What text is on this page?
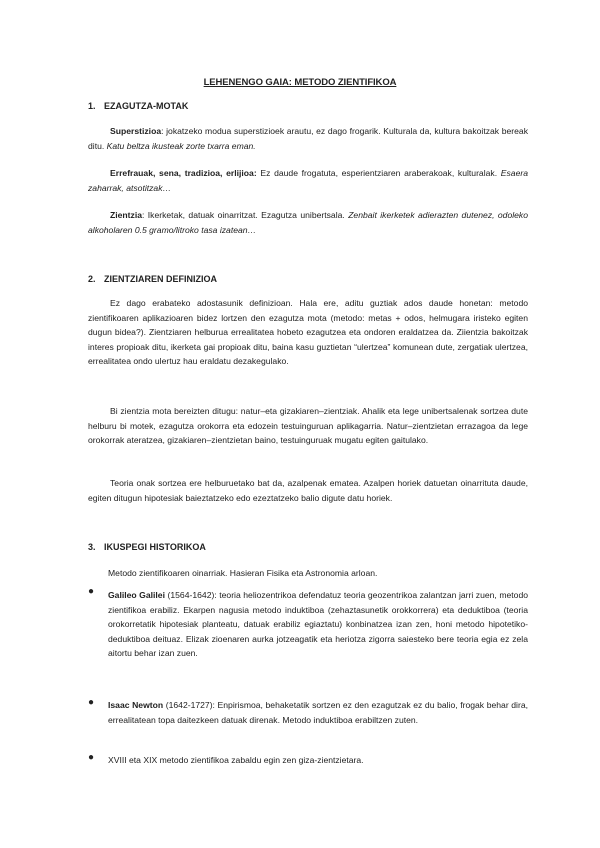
LEHENENGO GAIA: METODO ZIENTIFIKOA
1. EZAGUTZA-MOTAK

Superstizioa: jokatzeko modua superstizioek arautu, ez dago frogarik. Kulturala da, kultura bakoitzak bereak ditu. Katu beltza ikusteak zorte txarra eman.

Errefrauak, sena, tradizioa, erlijioa: Ez daude frogatuta, esperientziaren araberakoak, kulturalak. Esaera zaharrak, atsotitzak…

Zientzia: Ikerketak, datuak oinarritzat. Ezagutza unibertsala. Zenbait ikerketek adierazten dutenez, odoleko alkoholaren 0.5 gramo/litroko tasa izatean…

2. ZIENTZIAREN DEFINIZIOA

Ez dago erabateko adostasunik definizioan. Hala ere, aditu guztiak ados daude honetan: metodo zientifikoaren aplikazioaren bidez lortzen den ezagutza mota (metodo: metas + odos, helmugara iristeko egiten dugun bidea?). Zientziaren helburua errealitatea hobeto ezagutzea eta ondoren eraldatzea da. Ziientzia bakoitzak interes propioak ditu, ikerketa gai propioak ditu, baina kasu guztietan “ulertzea” komunean dute, zergatiak ulertzea, errealitatea ondo ulertuz hau eraldatu dezakegulako.

Bi zientzia mota bereizten ditugu: natur–eta gizakiaren–zientziak. Ahalik eta lege unibertsalenak sortzea dute helburu bi motek, ezagutza orokorra eta edozein testuinguruan aplikagarria. Natur–zientzietan errazagoa da lege orokorrak ateratzea, gizakiaren–zientzietan baino, testuinguruak mugatu egiten gaitulako.

Teoria onak sortzea ere helburuetako bat da, azalpenak ematea. Azalpen horiek datuetan oinarrituta daude, egiten ditugun hipotesiak baieztatzeko edo ezeztatzeko balio digute datu horiek.

3. IKUSPEGI HISTORIKOA

Metodo zientifikoaren oinarriak. Hasieran Fisika eta Astronomia arloan.

● Galileo Galilei (1564-1642): teoria heliozentrikoa defendatuz teoria geozentrikoa zalantzan jarri zuen, metodo zientifikoa erabiliz. Ekarpen nagusia metodo induktiboa (zehaztasunetik orokkorrera) eta deduktiboa (teoria orokorretatik hipotesiak planteatu, datuak erabiliz egiaztatu) konbinatzea izan zen, honi metodo hipotetiko-deduktiboa deituaz. Elizak zioenaren aurka jotzeagatik eta heriotza zigorra saiesteko bere teoria egia ez zela aitortu behar izan zuen.

● Isaac Newton (1642-1727): Enpirismoa, behaketatik sortzen ez den ezagutzak ez du balio, frogak behar dira, errealitatean topa daitezkeen datuak direnak. Metodo induktiboa erabiltzen zuten.

● XVIII eta XIX metodo zientifikoa zabaldu egin zen giza-zientzietara.
